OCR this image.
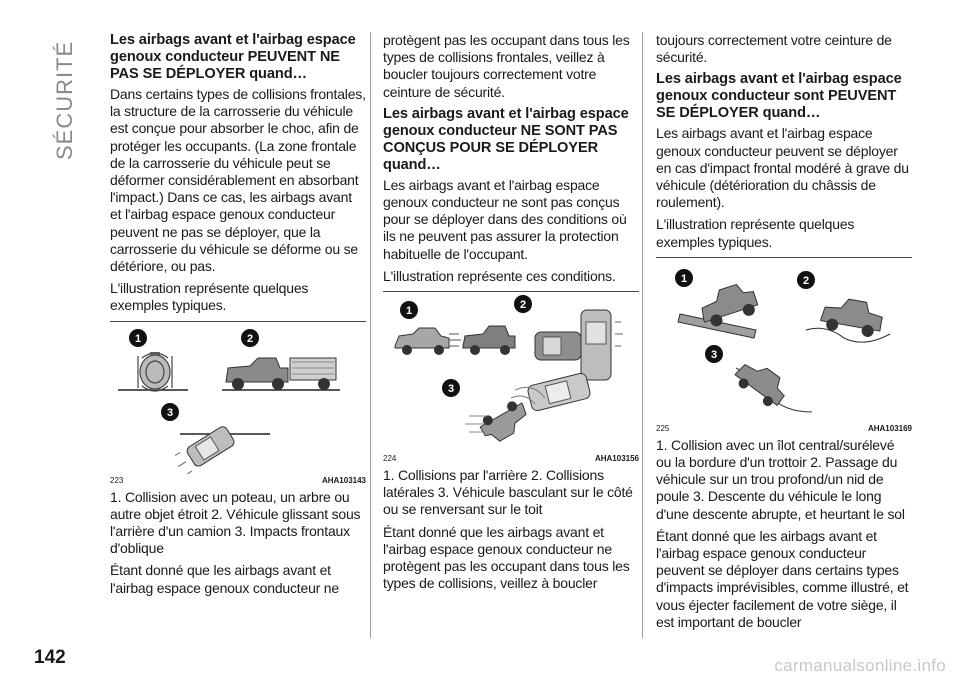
SÉCURITÉ
Les airbags avant et l'airbag espace genoux conducteur PEUVENT NE PAS SE DÉPLOYER quand…

Dans certains types de collisions frontales, la structure de la carrosserie du véhicule est conçue pour absorber le choc, afin de protéger les occupants. (La zone frontale de la carrosserie du véhicule peut se déformer considérablement en absorbant l'impact.) Dans ce cas, les airbags avant et l'airbag espace genoux conducteur peuvent ne pas se déployer, que la carrosserie du véhicule se déforme ou se détériore, ou pas.

L'illustration représente quelques exemples typiques.

1	2
3
223	AHA103143

1. Collision avec un poteau, un arbre ou autre objet étroit 2. Véhicule glissant sous l'arrière d'un camion 3. Impacts frontaux d'oblique

Étant donné que les airbags avant et l'airbag espace genoux conducteur ne

protègent pas les occupant dans tous les types de collisions frontales, veillez à boucler toujours correctement votre ceinture de sécurité.

Les airbags avant et l'airbag espace genoux conducteur NE SONT PAS CONÇUS POUR SE DÉPLOYER quand…

Les airbags avant et l'airbag espace genoux conducteur ne sont pas conçus pour se déployer dans des conditions où ils ne peuvent pas assurer la protection habituelle de l'occupant.

L'illustration représente ces conditions.

1	2
3
224	AHA103156

1. Collisions par l'arrière 2. Collisions latérales 3. Véhicule basculant sur le côté ou se renversant sur le toit

Étant donné que les airbags avant et l'airbag espace genoux conducteur ne protègent pas les occupant dans tous les types de collisions, veillez à boucler

toujours correctement votre ceinture de sécurité.

Les airbags avant et l'airbag espace genoux conducteur sont PEUVENT SE DÉPLOYER quand…

Les airbags avant et l'airbag espace genoux conducteur peuvent se déployer en cas d'impact frontal modéré à grave du véhicule (détérioration du châssis de roulement).

L'illustration représente quelques exemples typiques.

1	2
3
225	AHA103169

1. Collision avec un îlot central/surélevé ou la bordure d'un trottoir 2. Passage du véhicule sur un trou profond/un nid de poule 3. Descente du véhicule le long d'une descente abrupte, et heurtant le sol

Étant donné que les airbags avant et l'airbag espace genoux conducteur peuvent se déployer dans certains types d'impacts imprévisibles, comme illustré, et vous éjecter facilement de votre siège, il est important de boucler

142	carmanualsonline.info
